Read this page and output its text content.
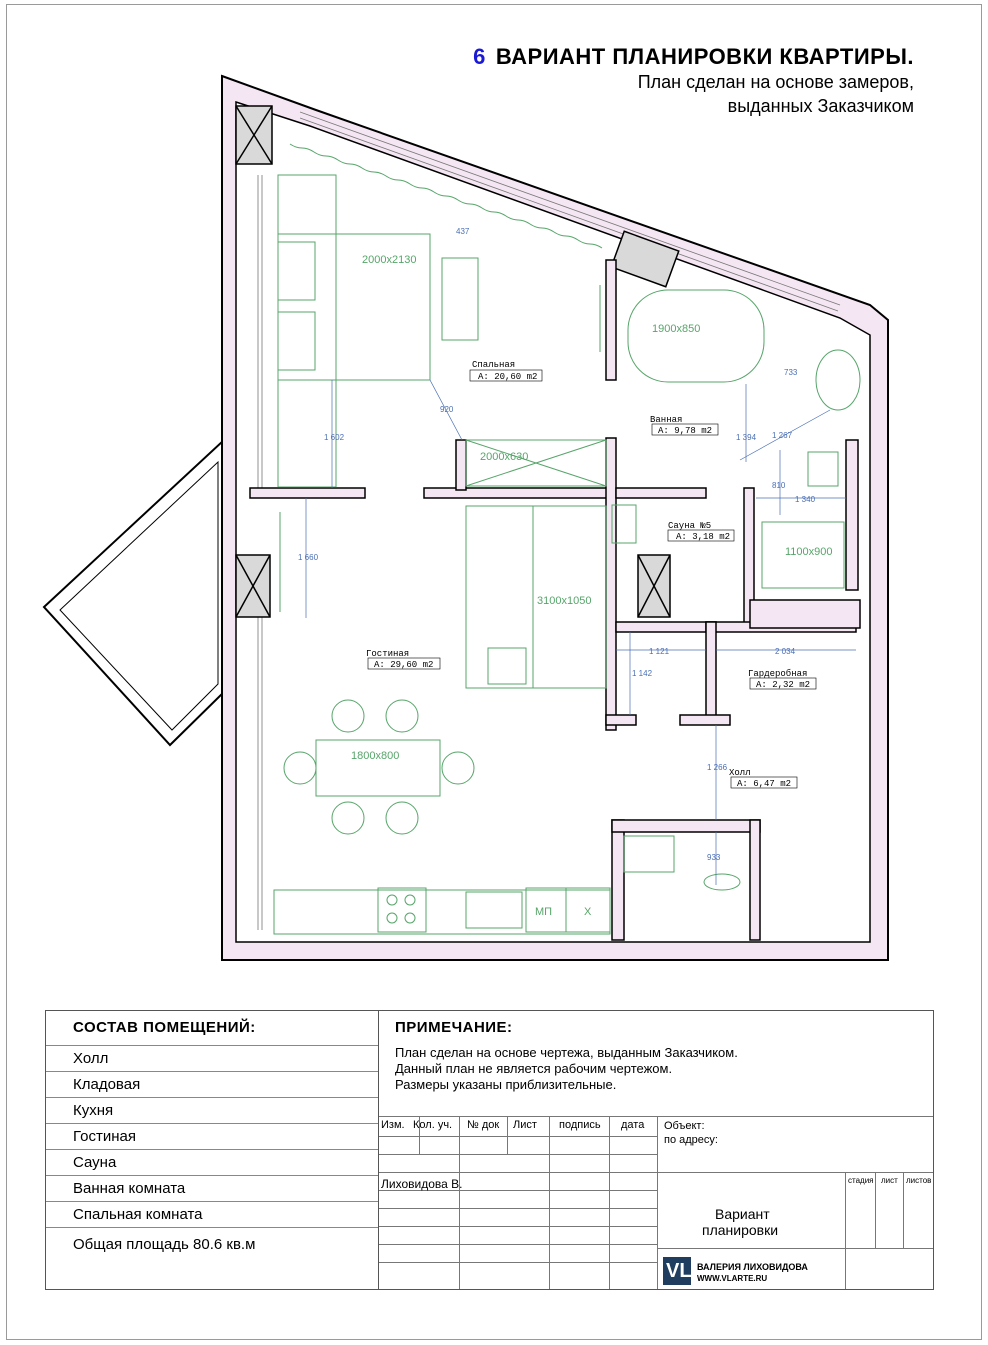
6 ВАРИАНТ ПЛАНИРОВКИ КВАРТИРЫ.
План сделан на основе замеров,
выданных Заказчиком
2000x2130
1900x850
2000x630
3100x1050
1100x900
1800x800
МП	Х
437
920
1 602
1 660
733
1 394 1 267
810
1 340
1 121	2 034
1 142
1 266
933
Спальная
A: 20,60 m2
Ванная
A: 9,78 m2
Сауна №5
A: 3,18 m2
Гостиная
A: 29,60 m2
Гардеробная
A: 2,32 m2
Холл
A: 6,47 m2
СОСТАВ ПОМЕЩЕНИЙ:
Холл
Кладовая
Кухня
Гостиная
Сауна
Ванная комната
Спальная комната
Общая площадь 80.6 кв.м
ПРИМЕЧАНИЕ:
План сделан на основе чертежа, выданным Заказчиком.
Данный план не является рабочим чертежом.
Размеры указаны приблизительные.
Изм. Кол. уч. № док Лист подпись дата
Лиховидова В.
Объект:
по адресу:
Вариант
планировки
стадия лист листов
VL ВАЛЕРИЯ ЛИХОВИДОВА
WWW.VLARTE.RU
